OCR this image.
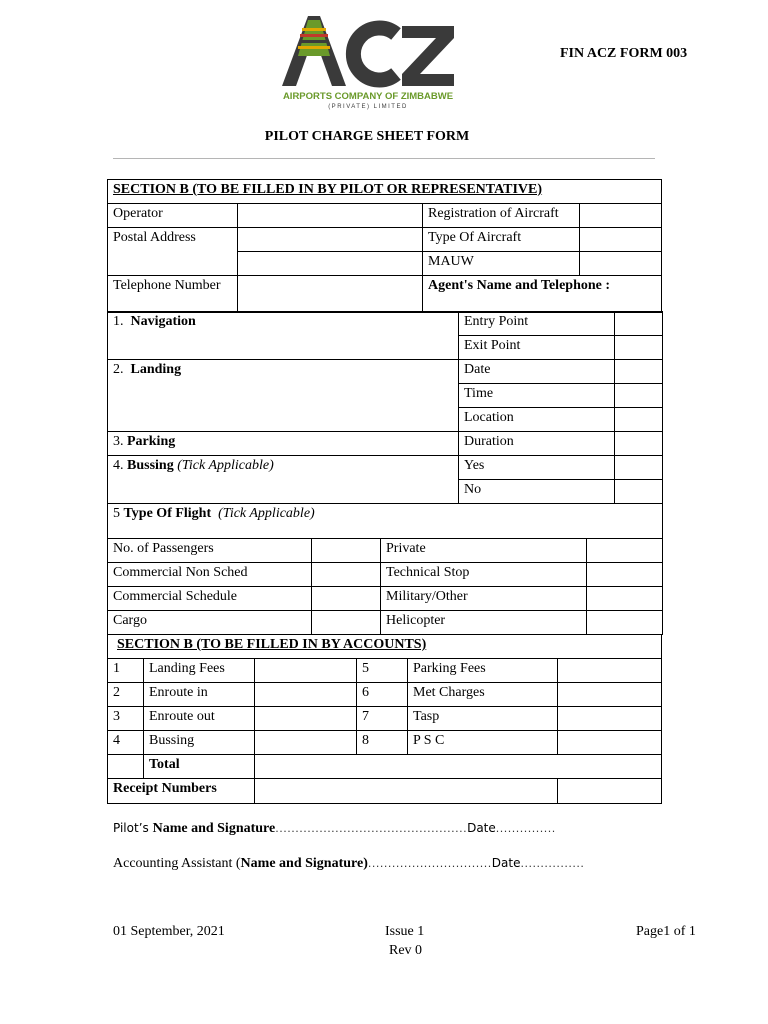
AIRPORTS COMPANY OF ZIMBABWE
(PRIVATE) LIMITED
FIN ACZ FORM 003
PILOT CHARGE SHEET FORM
SECTION B (TO BE FILLED IN BY PILOT OR REPRESENTATIVE)			
Operator		Registration of Aircraft	
Postal Address		Type Of Aircraft	
		MAUW	
Telephone Number		Agent's Name and Telephone :	
1. Navigation	Entry Point	
	Exit Point	
2. Landing	Date	
	Time	
	Location	
3. Parking	Duration	
4. Bussing (Tick Applicable)	Yes	
	No	
5 Type Of Flight (Tick Applicable)		
No. of Passengers		Private	
Commercial Non Sched		Technical Stop	
Commercial Schedule		Military/Other	
Cargo		Helicopter	
SECTION B (TO BE FILLED IN BY ACCOUNTS)					
1	Landing Fees		5	Parking Fees	
2	Enroute in		6	Met Charges	
3	Enroute out		7	Tasp	
4	Bussing		8	P S C	
	Total				
Receipt Numbers					
Pilot’s Name and Signature................................................Date...............
Accounting Assistant (Name and Signature)...............................Date................
01 September, 2021	Issue 1
Rev 0
Page1 of 1
